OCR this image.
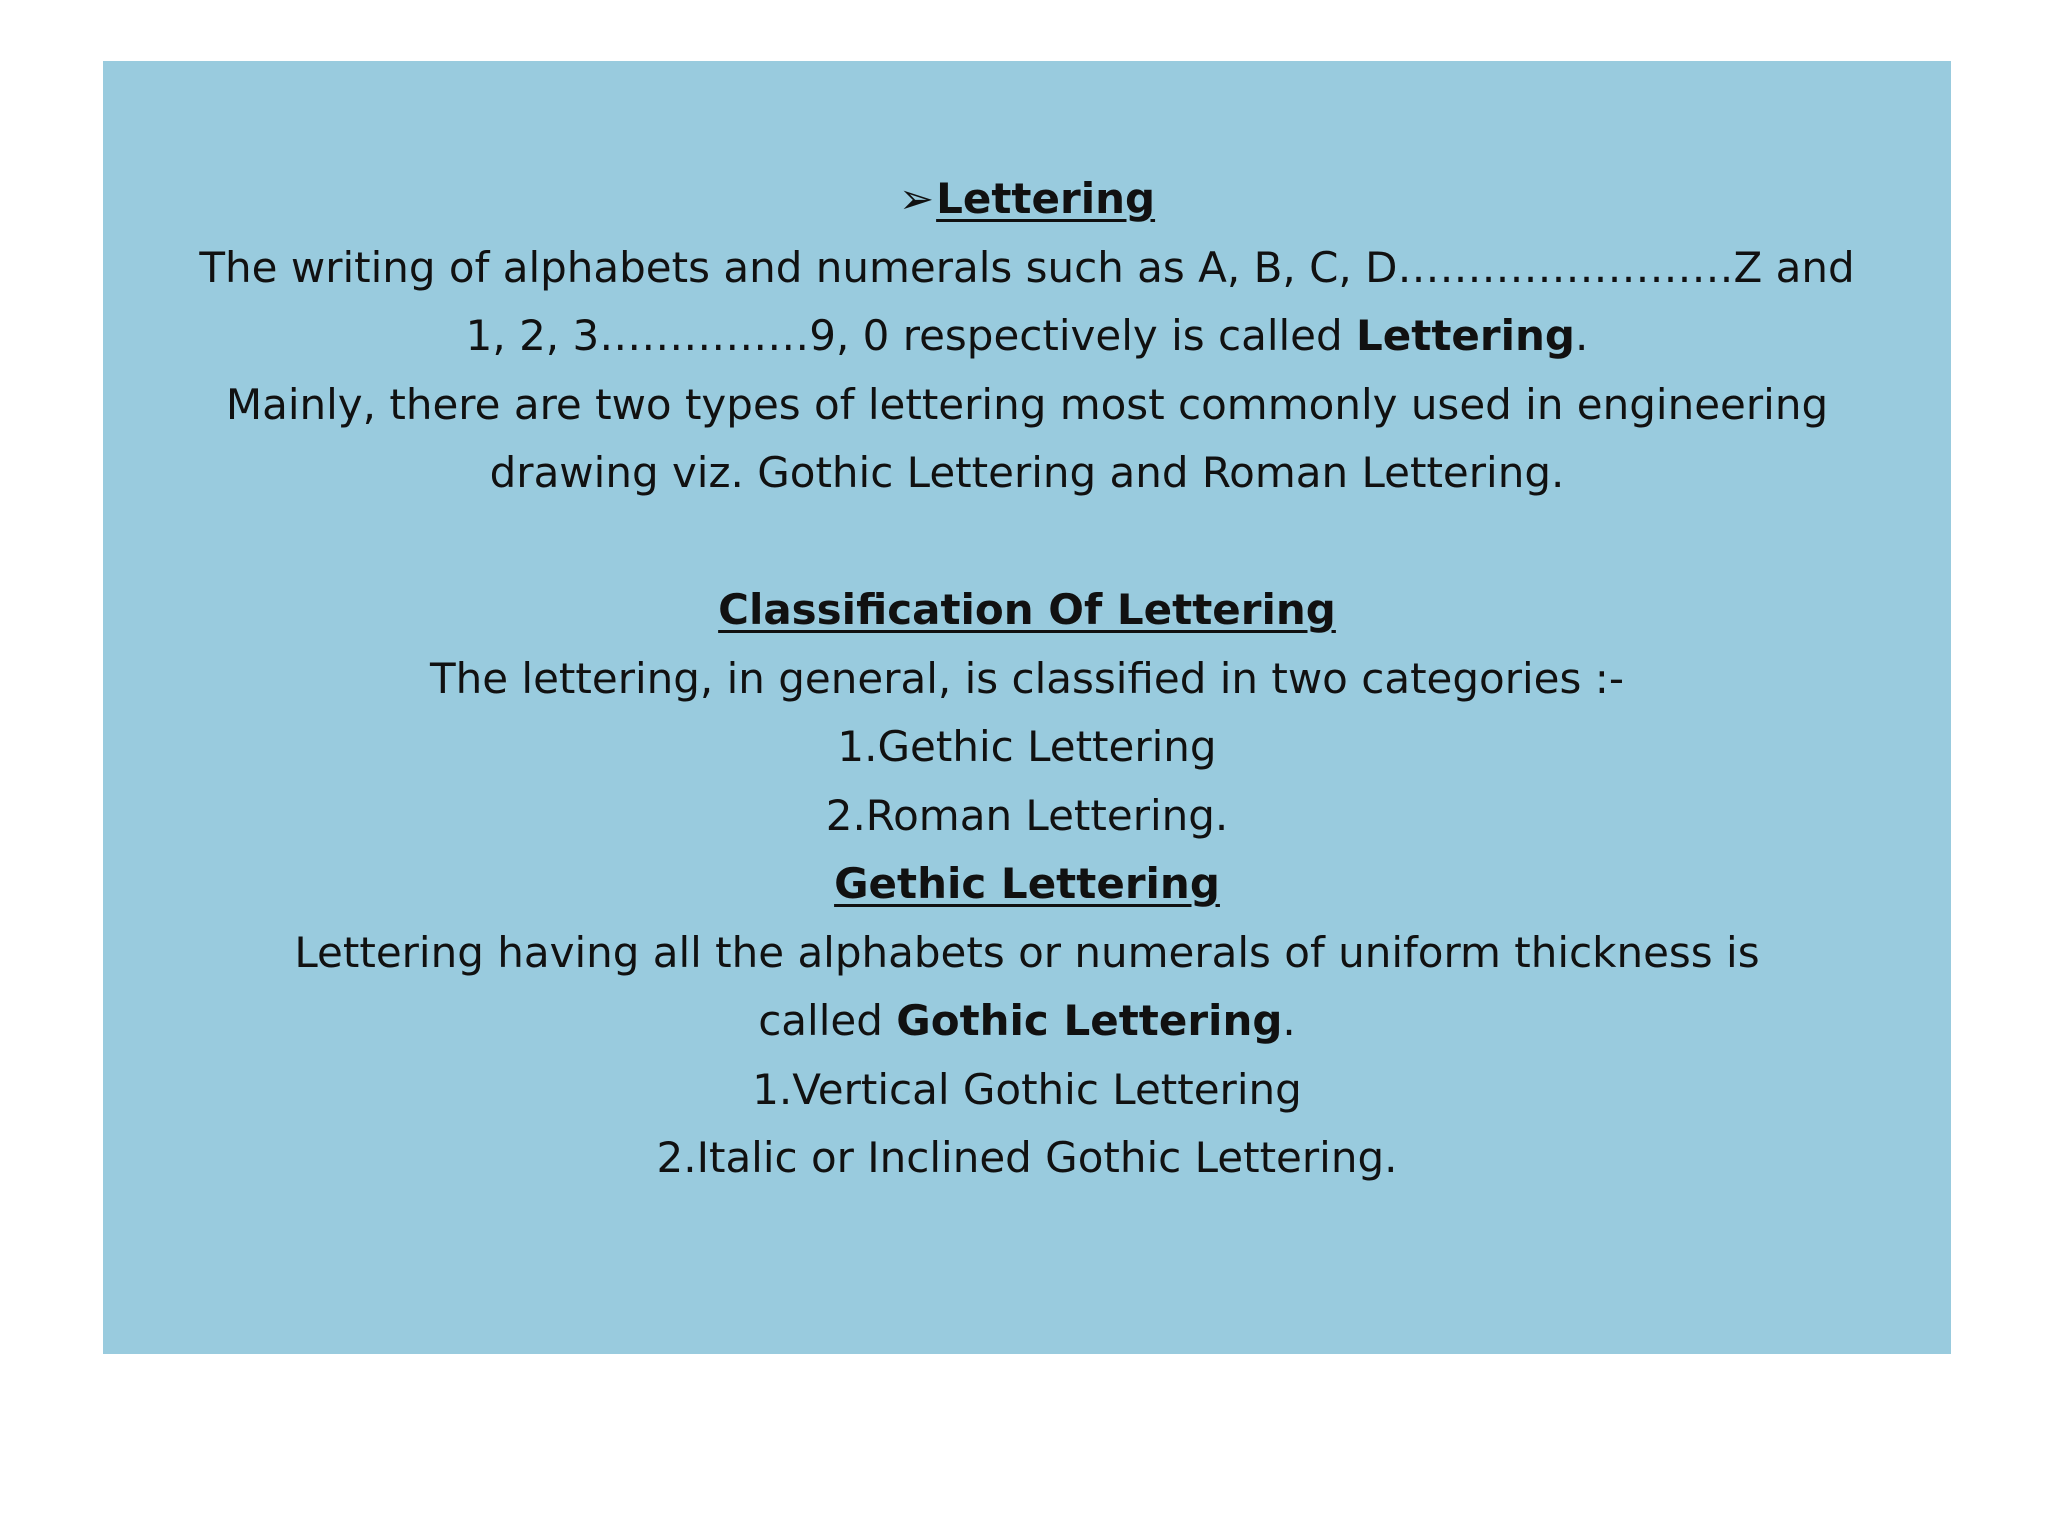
➢Lettering
The writing of alphabets and numerals such as A, B, C, D……………………Z and
1, 2, 3……………9, 0 respectively is called Lettering.
Mainly, there are two types of lettering most commonly used in engineering
drawing viz. Gothic Lettering and Roman Lettering.
Classification Of Lettering
The lettering, in general, is classified in two categories :-
1.Gethic Lettering
2.Roman Lettering.
Gethic Lettering
Lettering having all the alphabets or numerals of uniform thickness is
called Gothic Lettering.
1.Vertical Gothic Lettering
2.Italic or Inclined Gothic Lettering.
